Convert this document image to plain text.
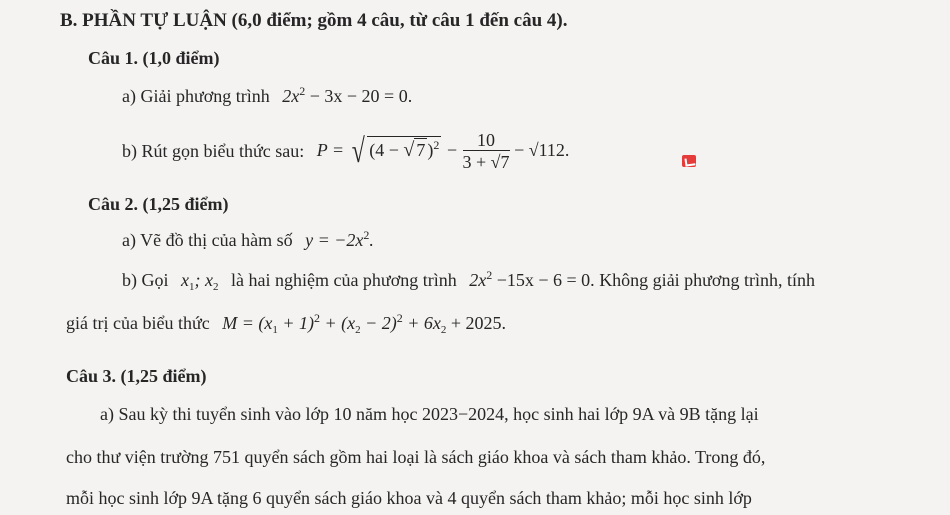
B. PHẦN TỰ LUẬN (6,0 điểm; gồm 4 câu, từ câu 1 đến câu 4).
Câu 1. (1,0 điểm)
a) Giải phương trình $2x^2 - 3x - 20 = 0$.
b) Rút gọn biểu thức sau: P = √ (4 − √ 7 )$^2 - \frac{10}{3 + √7} - √112$.
Câu 2. (1,25 điểm)
a) Vẽ đồ thị của hàm số $y = -2x^2$.
b) Gọi $x_1$; $x_2$ là hai nghiệm của phương trình $2x^2 -15x - 6 = 0$. Không giải phương trình, tính
giá trị của biểu thức $M = (x_1 + 1)^2 + (x_2 - 2)^2 + 6x_2 + 2025$.
Câu 3. (1,25 điểm)
a) Sau kỳ thi tuyển sinh vào lớp 10 năm học 2023−2024, học sinh hai lớp 9A và 9B tặng lại
cho thư viện trường 751 quyển sách gồm hai loại là sách giáo khoa và sách tham khảo. Trong đó,
mỗi học sinh lớp 9A tặng 6 quyển sách giáo khoa và 4 quyển sách tham khảo; mỗi học sinh lớp
